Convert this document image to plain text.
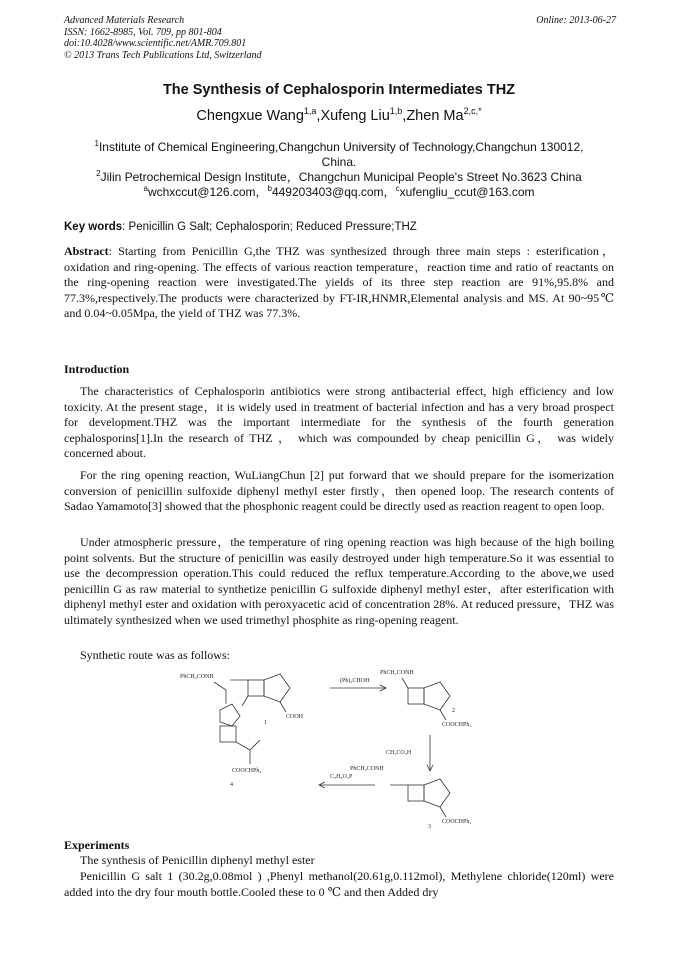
Advanced Materials Research
ISSN: 1662-8985, Vol. 709, pp 801-804
doi:10.4028/www.scientific.net/AMR.709.801
© 2013 Trans Tech Publications Ltd, Switzerland
Online: 2013-06-27
The Synthesis of Cephalosporin Intermediates THZ
Chengxue Wang$^{1,a}$,Xufeng Liu$^{1,b}$,Zhen $Ma^{2,c,*}$
$^1$Institute of Chemical Engineering,Changchun University of Technology,Changchun 130012,
China.
$^2$Jilin Petrochemical Design Institute，Changchun Municipal People's Street No.3623 China
$^a$wchxccut@126.com，$^b$449203403@qq.com，$^c$xufengliu_ccut@163.com
Key words: Penicillin G Salt; Cephalosporin; Reduced Pressure;THZ
Abstract: Starting from Penicillin G,the THZ was synthesized through three main steps : esterification，oxidation and ring-opening. The effects of various reaction temperature，reaction time and ratio of reactants on the ring-opening reaction were investigated.The yields of its three step reaction are 91%,95.8% and 77.3%,respectively.The products were characterized by FT-IR,HNMR,Elemental analysis and MS. At 90~95℃ and 0.04~0.05Mpa, the yield of THZ was 77.3%.
Introduction
The characteristics of Cephalosporin antibiotics were strong antibacterial effect, high efficiency and low toxicity. At the present stage，it is widely used in treatment of bacterial infection and has a very broad prospect for development.THZ was the important intermediate for the synthesis of the fourth generation cephalosporins[1].In the research of THZ ， which was compounded by cheap penicillin G， was widely concerned about.
For the ring opening reaction, WuLiangChun [2] put forward that we should prepare for the isomerization conversion of penicillin sulfoxide diphenyl methyl ester firstly，then opened loop. The research contents of Sadao Yamamoto[3] showed that the phosphonic reagent could be directly used as reaction reagent to open loop.
Under atmospheric pressure，the temperature of ring opening reaction was high because of the high boiling point solvents. But the structure of penicillin was easily destroyed under high temperature.So it was essential to use the decompression operation.This could reduced the reflux temperature.According to the above,we used penicillin G as raw material to synthetize penicillin G sulfoxide diphenyl methyl ester，after esterification with diphenyl methyl ester and oxidation with peroxyacetic acid of concentration 28%. At reduced pressure，THZ was ultimately synthesized when we used trimethyl phosphite as ring-opening reagent.
Synthetic route was as follows:
PhCH₂CONH
COOH
1
(Ph)₂CHOH
PhCH₂CONH
COOCHPh₂
2
CH₃CO₃H
PhCH₂CONH
COOCHPh₂
3
C₃H₉O₃P
COOCHPh₂
4
Experiments
The synthesis of Penicillin diphenyl methyl ester
Penicillin G salt 1 (30.2g,0.08mol ) ,Phenyl methanol(20.61g,0.112mol), Methylene chloride(120ml) were added into the dry four mouth bottle.Cooled these to 0 ℃ and then Added dry
